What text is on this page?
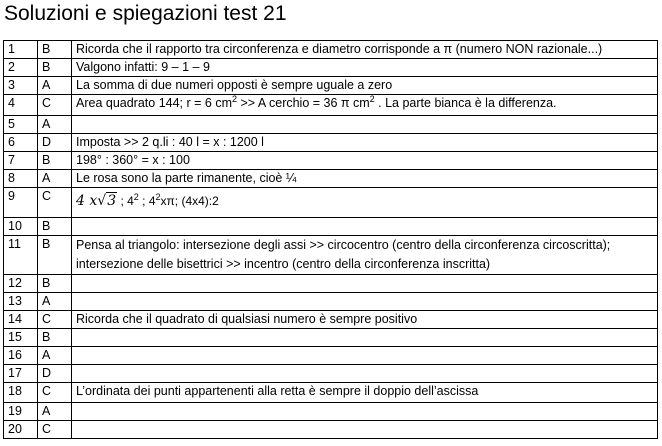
Soluzioni e spiegazioni test 21
1	B	Ricorda che il rapporto tra circonferenza e diametro corrisponde a π (numero NON razionale...)
2	B	Valgono infatti: 9 – 1 – 9
3	A	La somma di due numeri opposti è sempre uguale a zero
4	C	Area quadrato 144; r = 6 $cm^2 >> A$ cerchio = 36 π $cm^2$ . La parte bianca è la differenza.
5	A	
6	D	Imposta >> 2 q.li : 40 l = x : 1200 l
7	B	198° : 360° = x : 100
8	A	Le rosa sono la parte rimanente, cioè ¼
9	C	4 x√3 ; $4^2$ ; $4^2x\pi$; (4x4):2
10	B	
11	B	Pensa al triangolo: intersezione degli assi >> circocentro (centro della circonferenza circoscritta); intersezione delle bisettrici >> incentro (centro della circonferenza inscritta)
12	B	
13	A	
14	C	Ricorda che il quadrato di qualsiasi numero è sempre positivo
15	B	
16	A	
17	D	
18	C	L’ordinata dei punti appartenenti alla retta è sempre il doppio dell’ascissa
19	A	
20	C	
